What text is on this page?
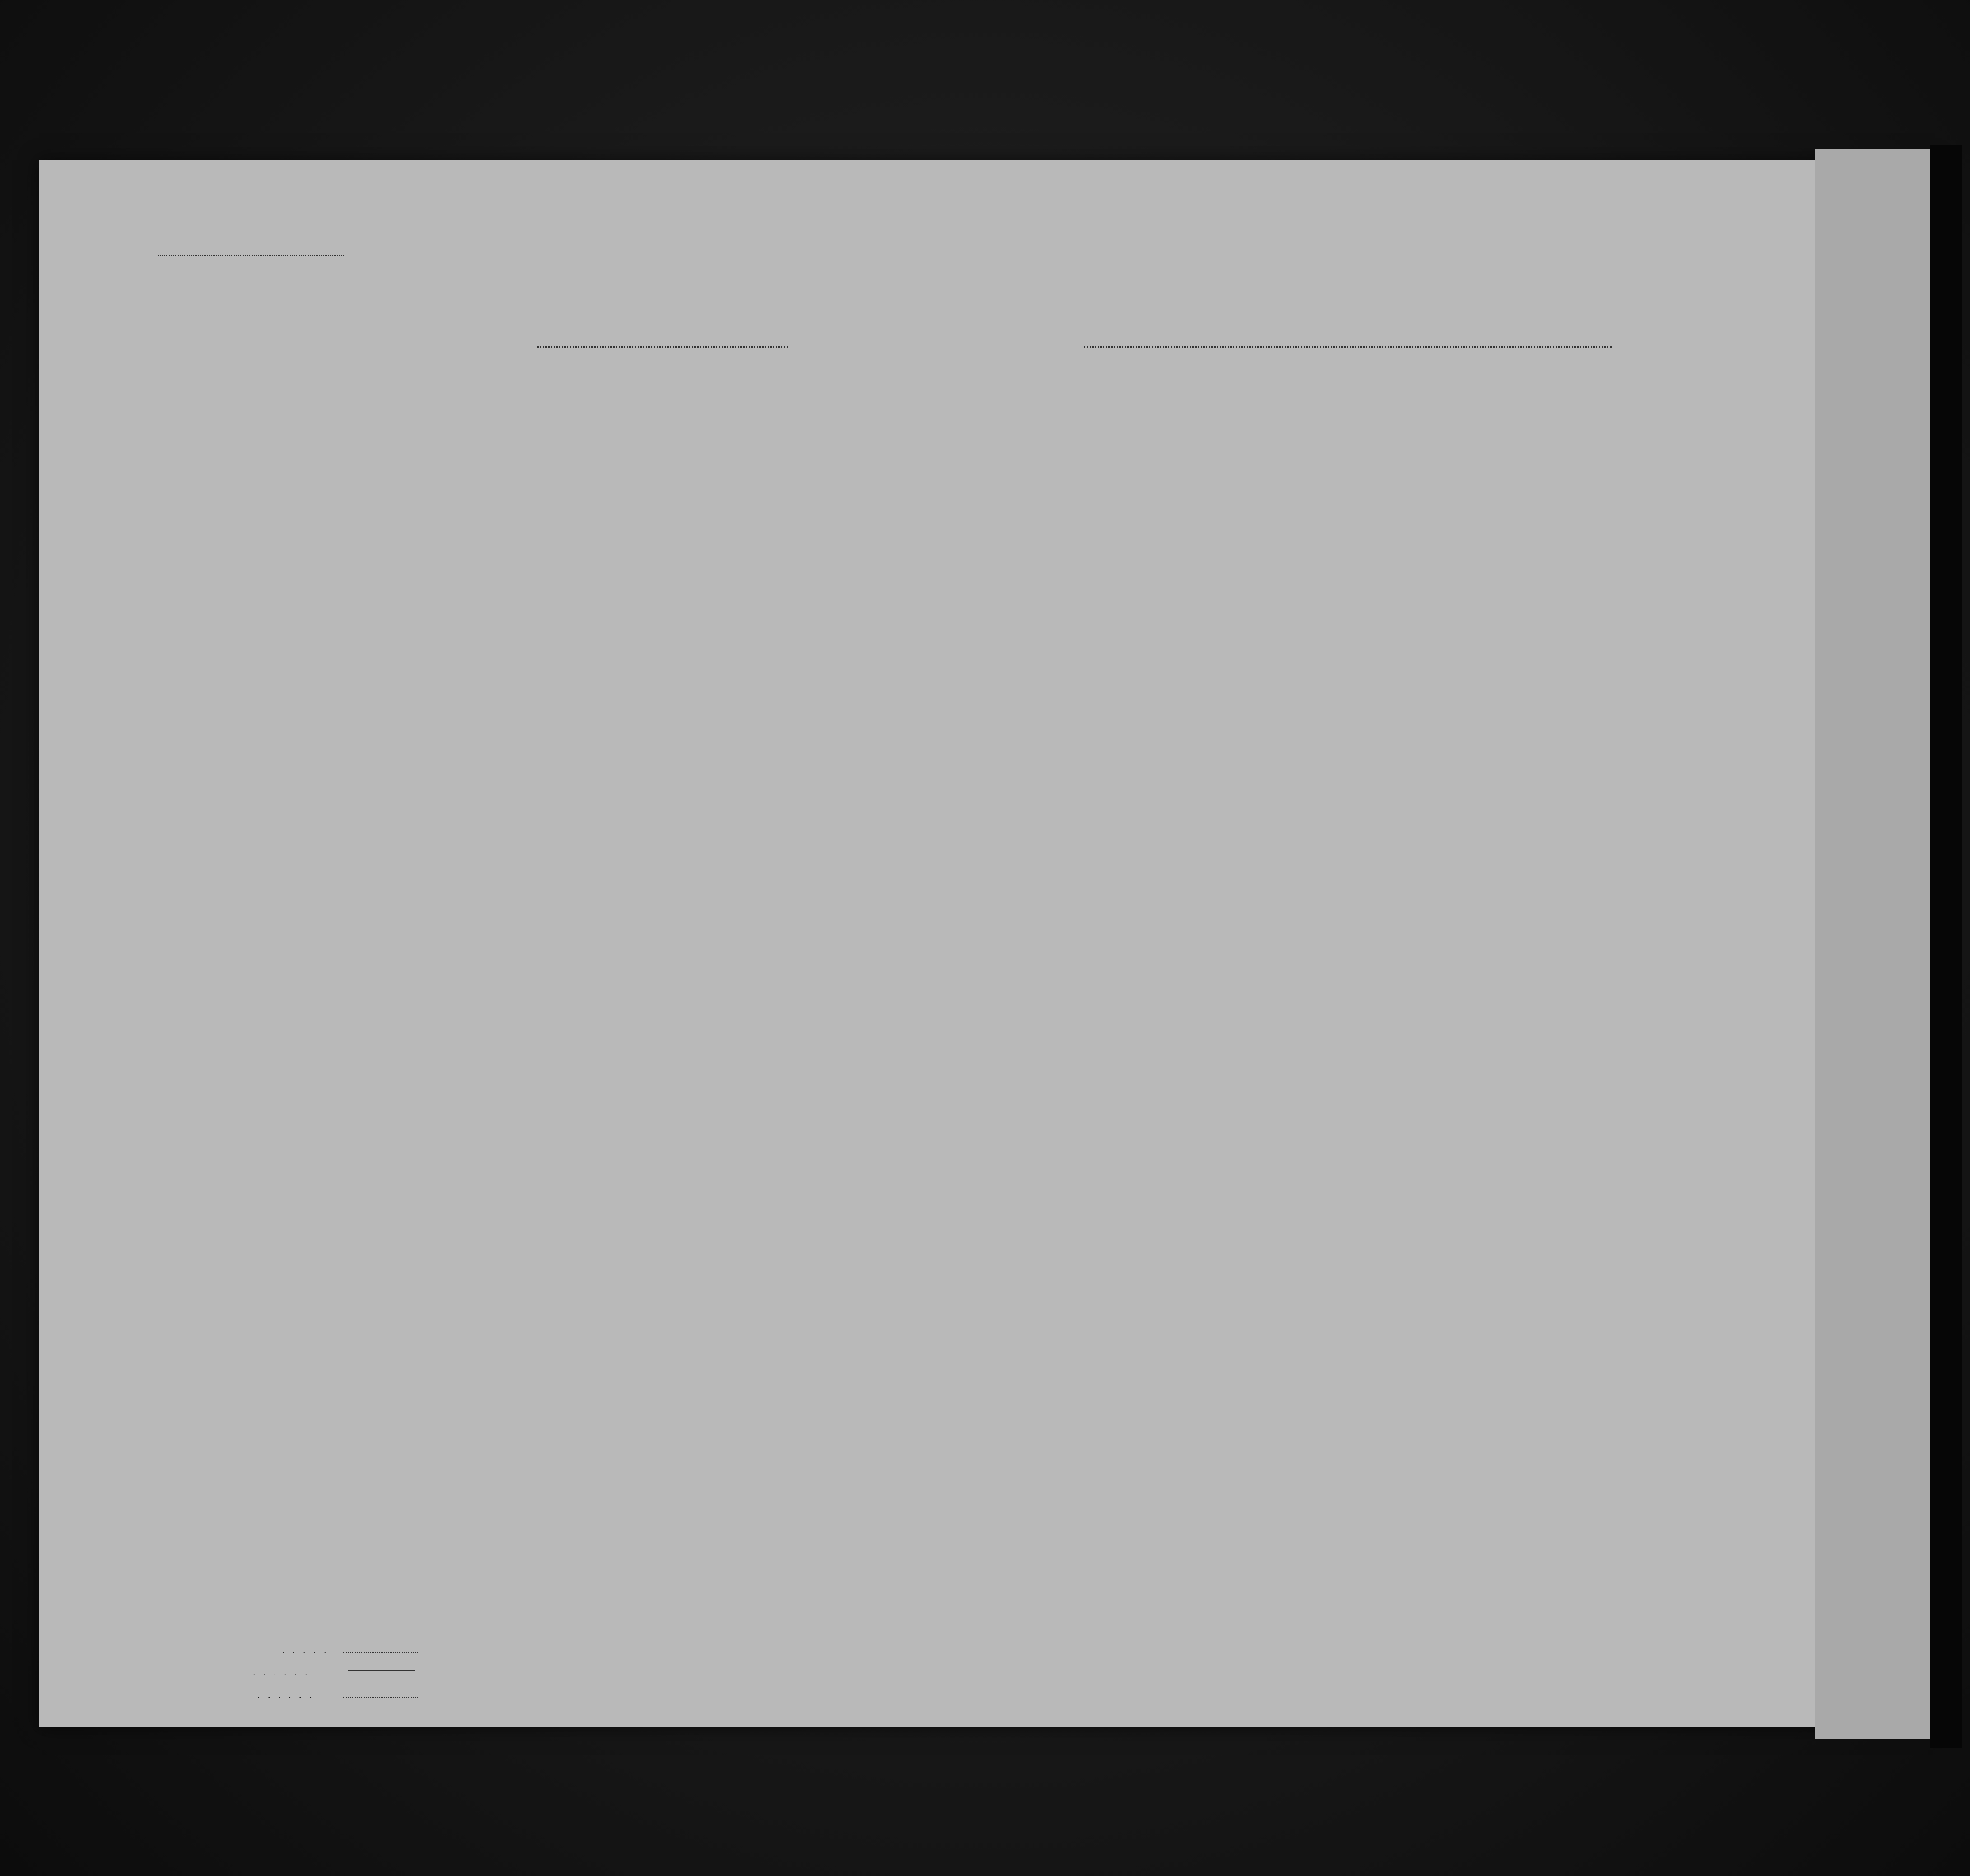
. . . . .
. . . . . .
. . . . . .
